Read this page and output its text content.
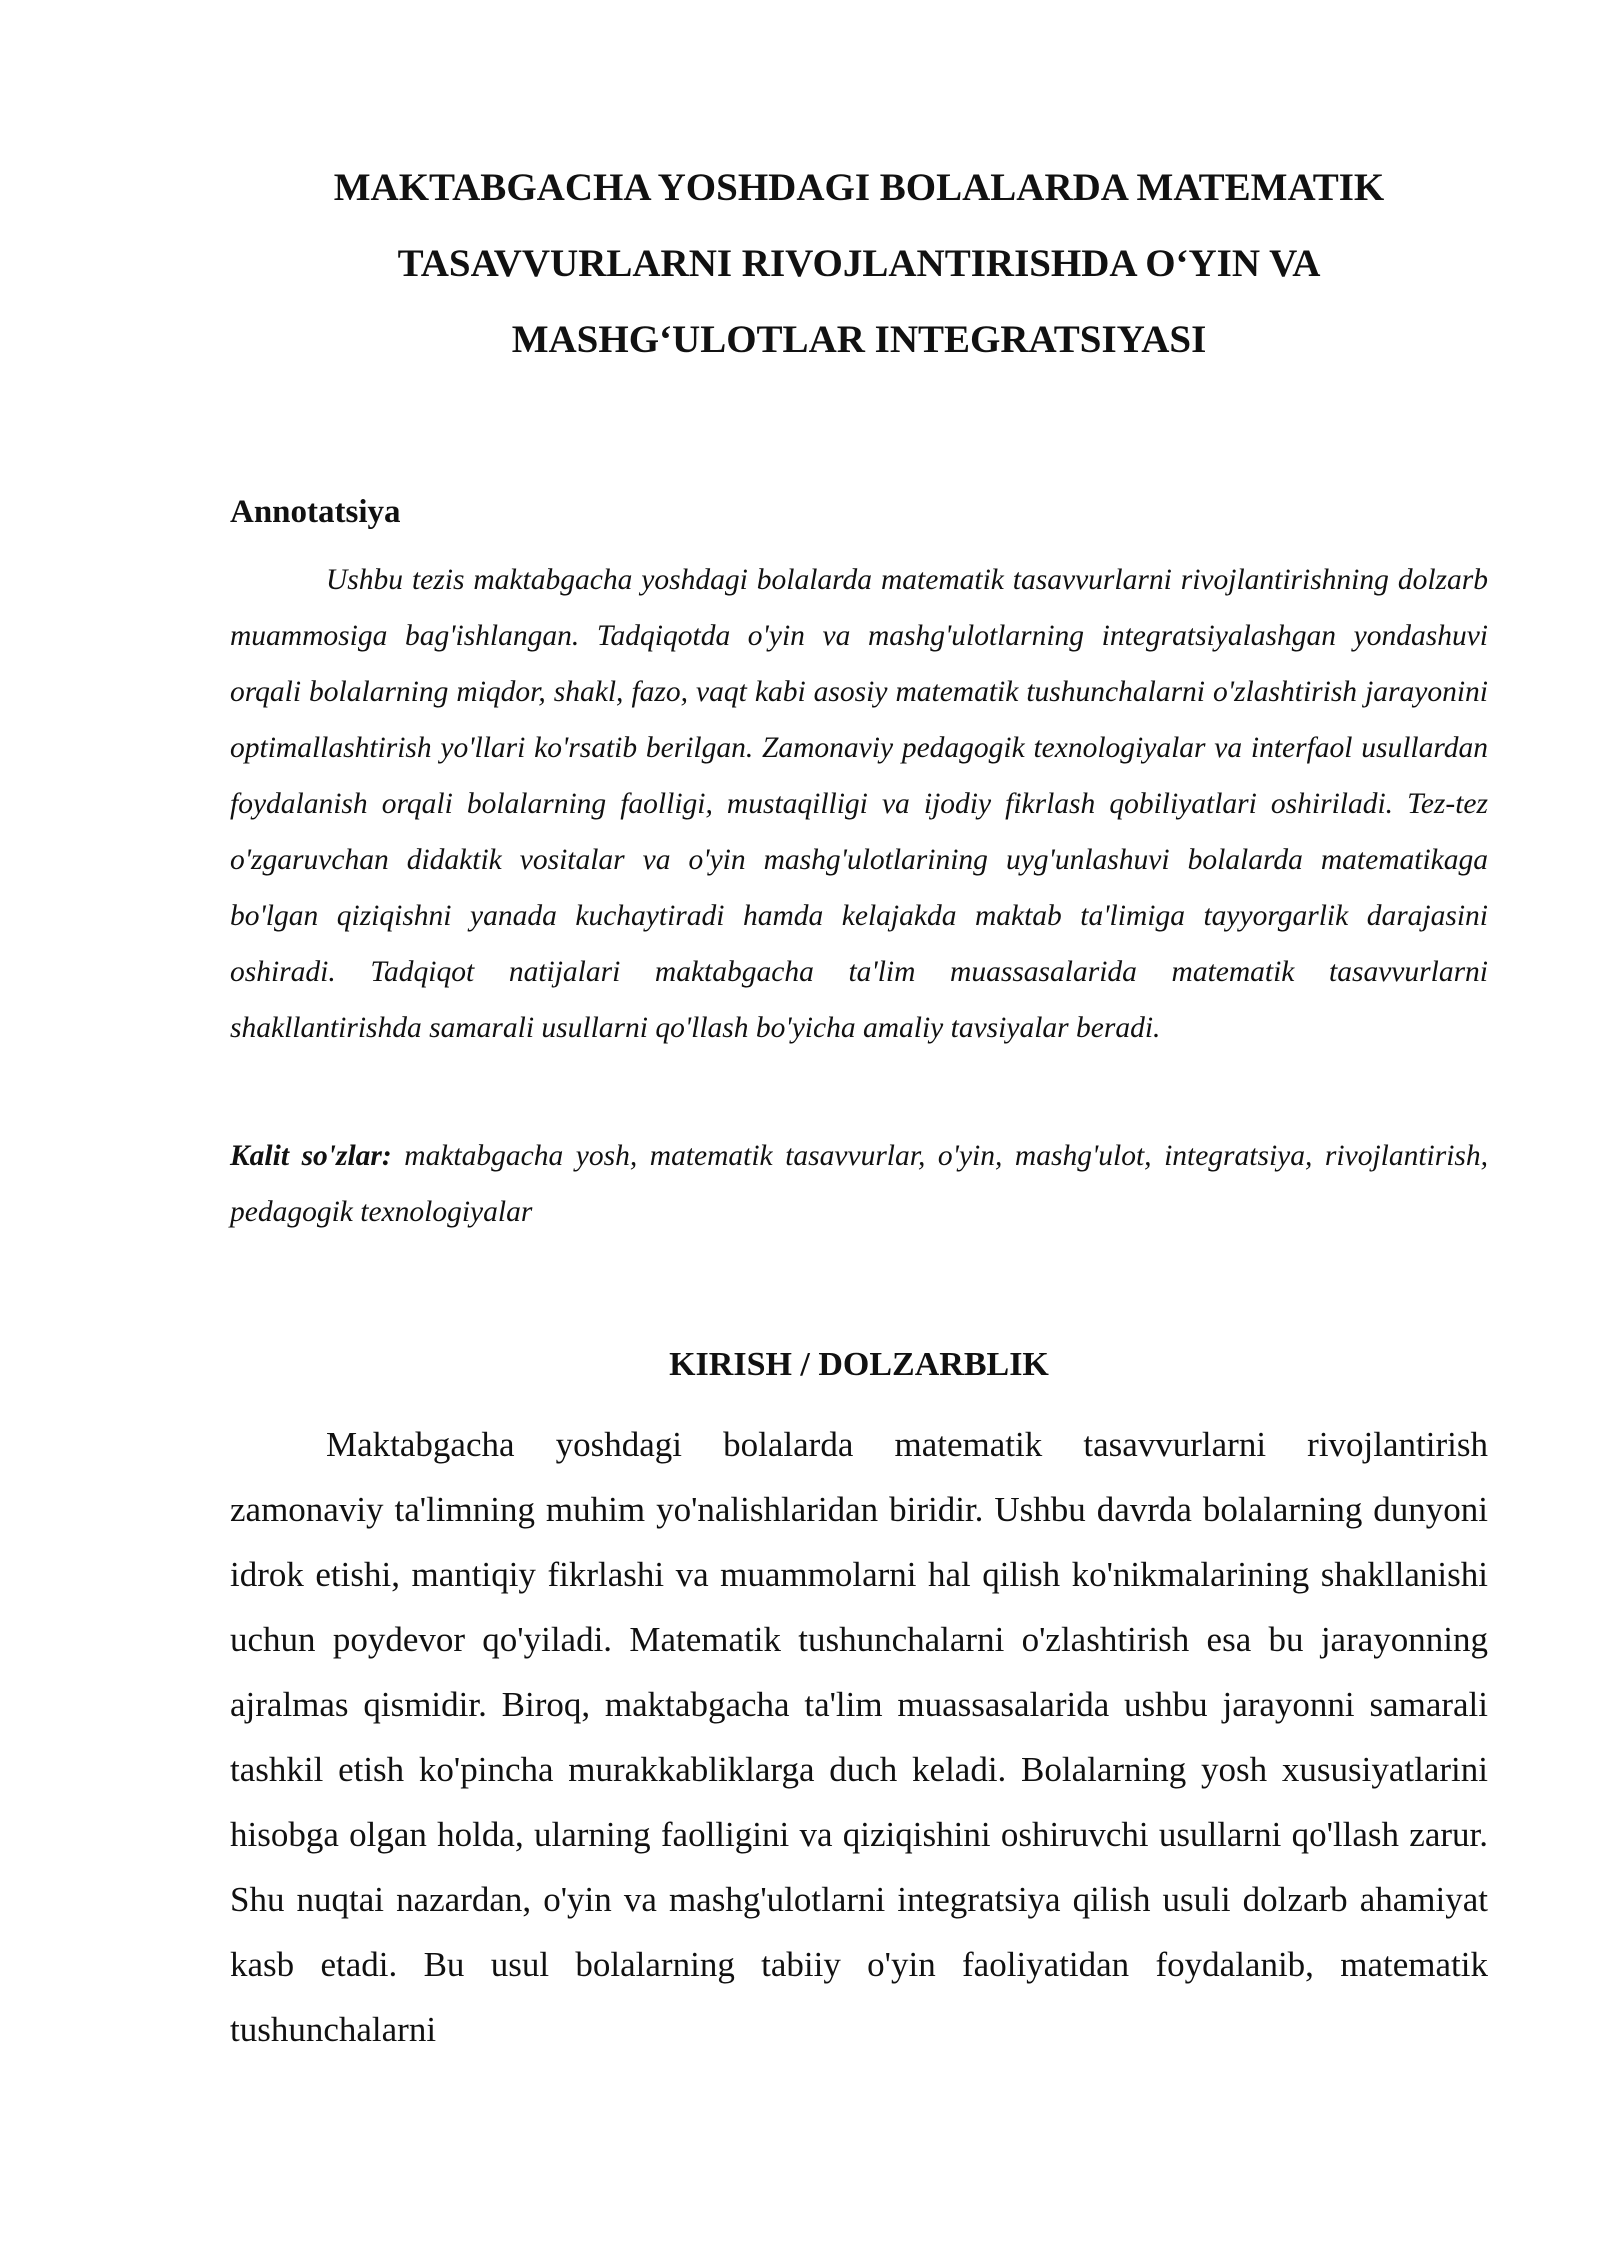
MAKTABGACHA YOSHDAGI BOLALARDA MATEMATIK
TASAVVURLARNI RIVOJLANTIRISHDA O‘YIN VA
MASHG‘ULOTLAR INTEGRATSIYASI
Annotatsiya

Ushbu tezis maktabgacha yoshdagi bolalarda matematik tasavvurlarni rivojlantirishning dolzarb muammosiga bag'ishlangan. Tadqiqotda o'yin va mashg'ulotlarning integratsiyalashgan yondashuvi orqali bolalarning miqdor, shakl, fazo, vaqt kabi asosiy matematik tushunchalarni o'zlashtirish jarayonini optimallashtirish yo'llari ko'rsatib berilgan. Zamonaviy pedagogik texnologiyalar va interfaol usullardan foydalanish orqali bolalarning faolligi, mustaqilligi va ijodiy fikrlash qobiliyatlari oshiriladi. Tez-tez o'zgaruvchan didaktik vositalar va o'yin mashg'ulotlarining uyg'unlashuvi bolalarda matematikaga bo'lgan qiziqishni yanada kuchaytiradi hamda kelajakda maktab ta'limiga tayyorgarlik darajasini oshiradi. Tadqiqot natijalari maktabgacha ta'lim muassasalarida matematik tasavvurlarni shakllantirishda samarali usullarni qo'llash bo'yicha amaliy tavsiyalar beradi.

Kalit so'zlar: maktabgacha yosh, matematik tasavvurlar, o'yin, mashg'ulot, integratsiya, rivojlantirish, pedagogik texnologiyalar

KIRISH / DOLZARBLIK

Maktabgacha yoshdagi bolalarda matematik tasavvurlarni rivojlantirish zamonaviy ta'limning muhim yo'nalishlaridan biridir. Ushbu davrda bolalarning dunyoni idrok etishi, mantiqiy fikrlashi va muammolarni hal qilish ko'nikmalarining shakllanishi uchun poydevor qo'yiladi. Matematik tushunchalarni o'zlashtirish esa bu jarayonning ajralmas qismidir. Biroq, maktabgacha ta'lim muassasalarida ushbu jarayonni samarali tashkil etish ko'pincha murakkabliklarga duch keladi. Bolalarning yosh xususiyatlarini hisobga olgan holda, ularning faolligini va qiziqishini oshiruvchi usullarni qo'llash zarur. Shu nuqtai nazardan, o'yin va mashg'ulotlarni integratsiya qilish usuli dolzarb ahamiyat kasb etadi. Bu usul bolalarning tabiiy o'yin faoliyatidan foydalanib, matematik tushunchalarni
